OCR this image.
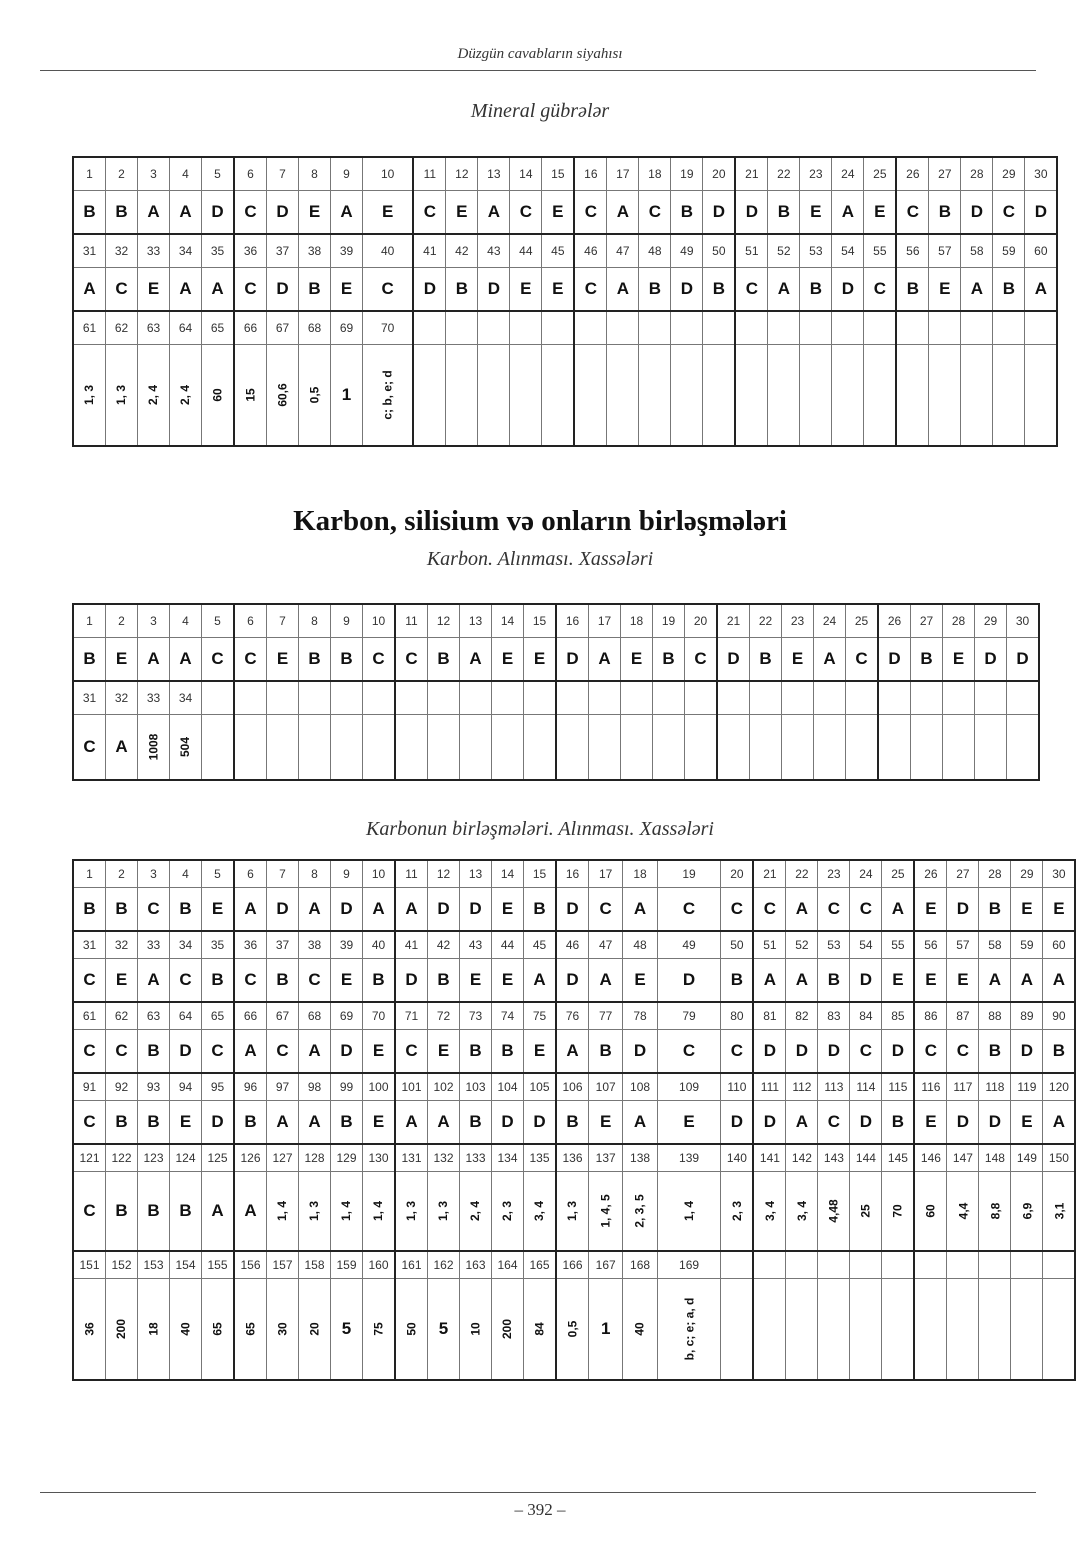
Düzgün cavabların siyahısı
Mineral gübrələr
1	2	3	4	5	6	7	8	9	10	11	12	13	14	15	16	17	18	19	20	21	22	23	24	25	26	27	28	29	30
B	B	A	A	D	C	D	E	A	E	C	E	A	C	E	C	A	C	B	D	D	B	E	A	E	C	B	D	C	D
31	32	33	34	35	36	37	38	39	40	41	42	43	44	45	46	47	48	49	50	51	52	53	54	55	56	57	58	59	60
A	C	E	A	A	C	D	B	E	C	D	B	D	E	E	C	A	B	D	B	C	A	B	D	C	B	E	A	B	A
61	62	63	64	65	66	67	68	69	70																				
1, 3	1, 3	2, 4	2, 4	60	15	60,6	0,5	1	c; b, e; d																				
Karbon, silisium və onların birləşmələri
Karbon. Alınması. Xassələri
1	2	3	4	5	6	7	8	9	10	11	12	13	14	15	16	17	18	19	20	21	22	23	24	25	26	27	28	29	30
B	E	A	A	C	C	E	B	B	C	C	B	A	E	E	D	A	E	B	C	D	B	E	A	C	D	B	E	D	D
31	32	33	34																										
C	A	1008	504																										
Karbonun birləşmələri. Alınması. Xassələri
1	2	3	4	5	6	7	8	9	10	11	12	13	14	15	16	17	18	19	20	21	22	23	24	25	26	27	28	29	30
B	B	C	B	E	A	D	A	D	A	A	D	D	E	B	D	C	A	C	C	C	A	C	C	A	E	D	B	E	E
31	32	33	34	35	36	37	38	39	40	41	42	43	44	45	46	47	48	49	50	51	52	53	54	55	56	57	58	59	60
C	E	A	C	B	C	B	C	E	B	D	B	E	E	A	D	A	E	D	B	A	A	B	D	E	E	E	A	A	A
61	62	63	64	65	66	67	68	69	70	71	72	73	74	75	76	77	78	79	80	81	82	83	84	85	86	87	88	89	90
C	C	B	D	C	A	C	A	D	E	C	E	B	B	E	A	B	D	C	C	D	D	D	C	D	C	C	B	D	B
91	92	93	94	95	96	97	98	99	100	101	102	103	104	105	106	107	108	109	110	111	112	113	114	115	116	117	118	119	120
C	B	B	E	D	B	A	A	B	E	A	A	B	D	D	B	E	A	E	D	D	A	C	D	B	E	D	D	E	A
121	122	123	124	125	126	127	128	129	130	131	132	133	134	135	136	137	138	139	140	141	142	143	144	145	146	147	148	149	150
C	B	B	B	A	A	1, 4	1, 3	1, 4	1, 4	1, 3	1, 3	2, 4	2, 3	3, 4	1, 3	1, 4, 5	2, 3, 5	1, 4	2, 3	3, 4	3, 4	4,48	25	70	60	4,4	8,8	6,9	3,1
151	152	153	154	155	156	157	158	159	160	161	162	163	164	165	166	167	168	169											
36	200	18	40	65	65	30	20	5	75	50	5	10	200	84	0,5	1	40	b, c; e; a, d											
– 392 –
